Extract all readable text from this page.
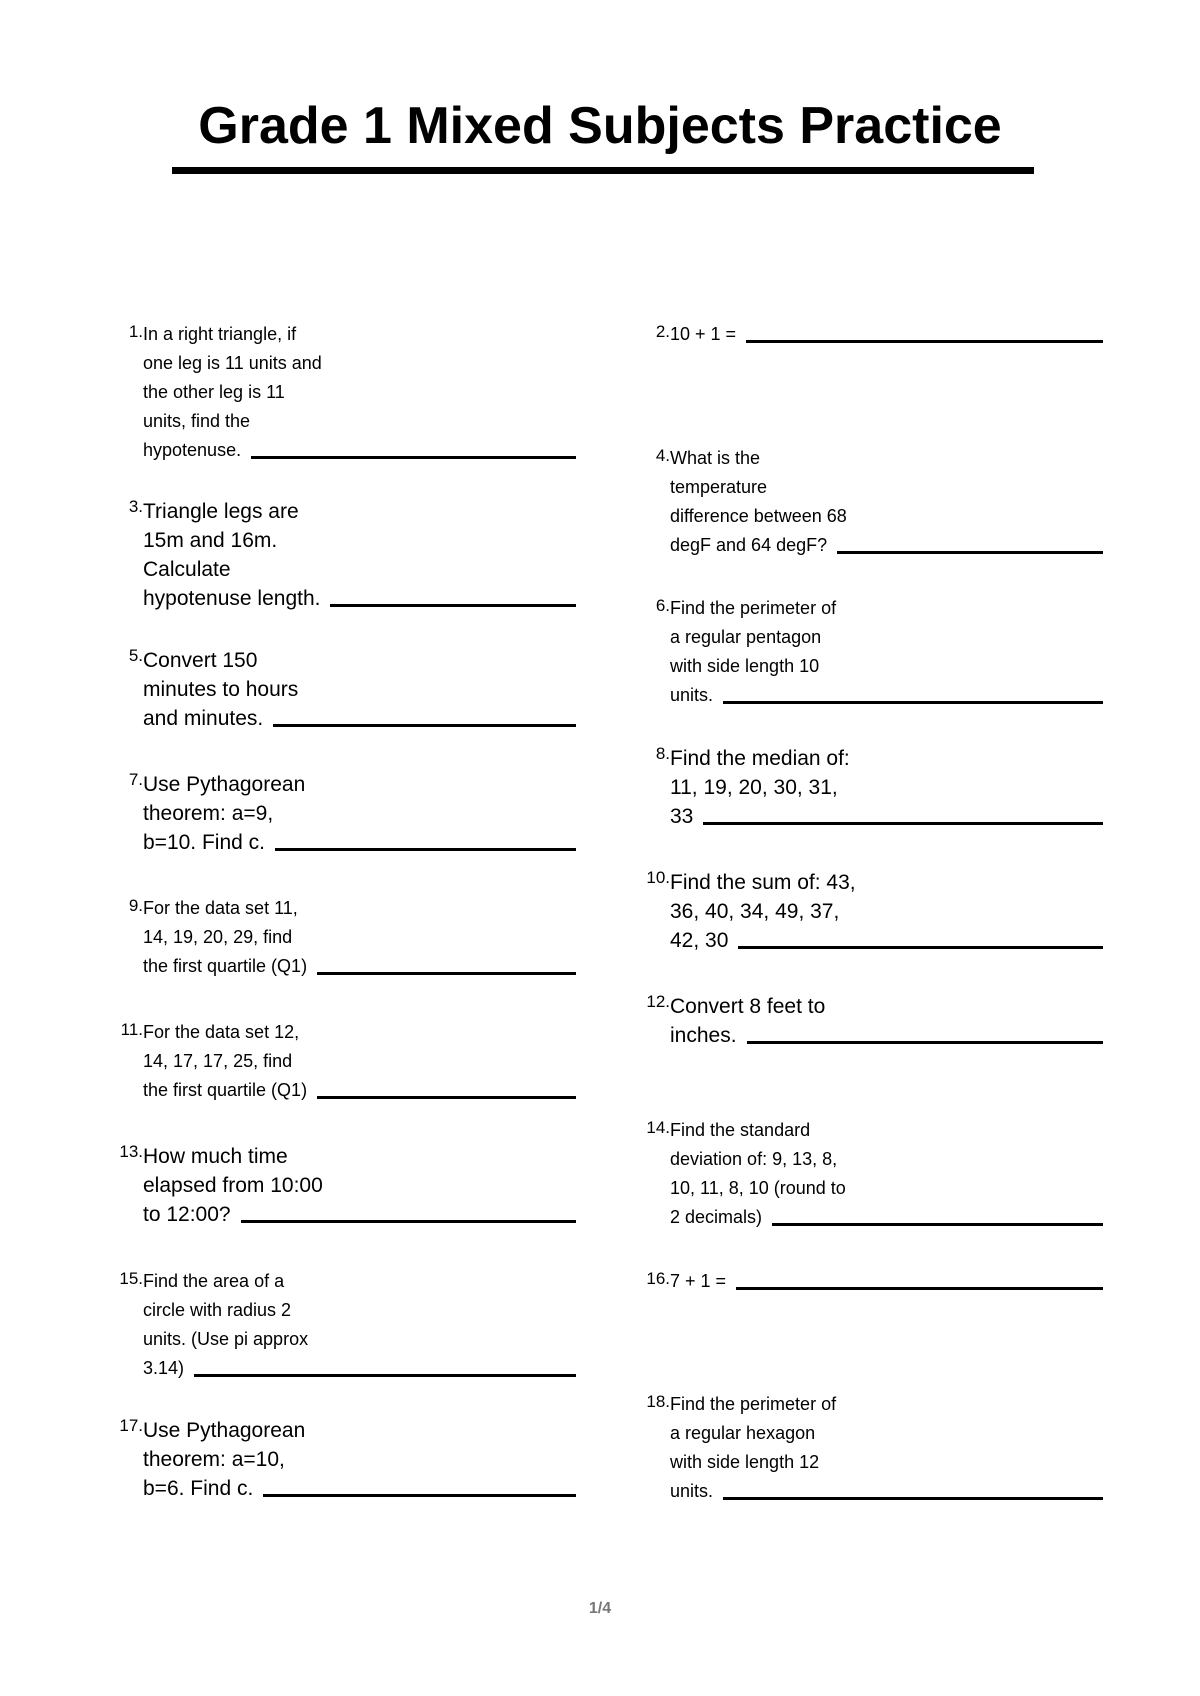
Grade 1 Mixed Subjects Practice
1. In a right triangle, if
one leg is 11 units and
the other leg is 11
units, find the
hypotenuse.
2. 10 + 1 =
3. Triangle legs are
15m and 16m.
Calculate
hypotenuse length.
4. What is the
temperature
difference between 68
degF and 64 degF?
5. Convert 150
minutes to hours
and minutes.
6. Find the perimeter of
a regular pentagon
with side length 10
units.
7. Use Pythagorean
theorem: a=9,
b=10. Find c.
8. Find the median of:
11, 19, 20, 30, 31,
33
9. For the data set 11,
14, 19, 20, 29, find
the first quartile (Q1)
10. Find the sum of: 43,
36, 40, 34, 49, 37,
42, 30
11. For the data set 12,
14, 17, 17, 25, find
the first quartile (Q1)
12. Convert 8 feet to
inches.
13. How much time
elapsed from 10:00
to 12:00?
14. Find the standard
deviation of: 9, 13, 8,
10, 11, 8, 10 (round to
2 decimals)
15. Find the area of a
circle with radius 2
units. (Use pi approx
3.14)
16. 7 + 1 =
17. Use Pythagorean
theorem: a=10,
b=6. Find c.
18. Find the perimeter of
a regular hexagon
with side length 12
units.
1/4
